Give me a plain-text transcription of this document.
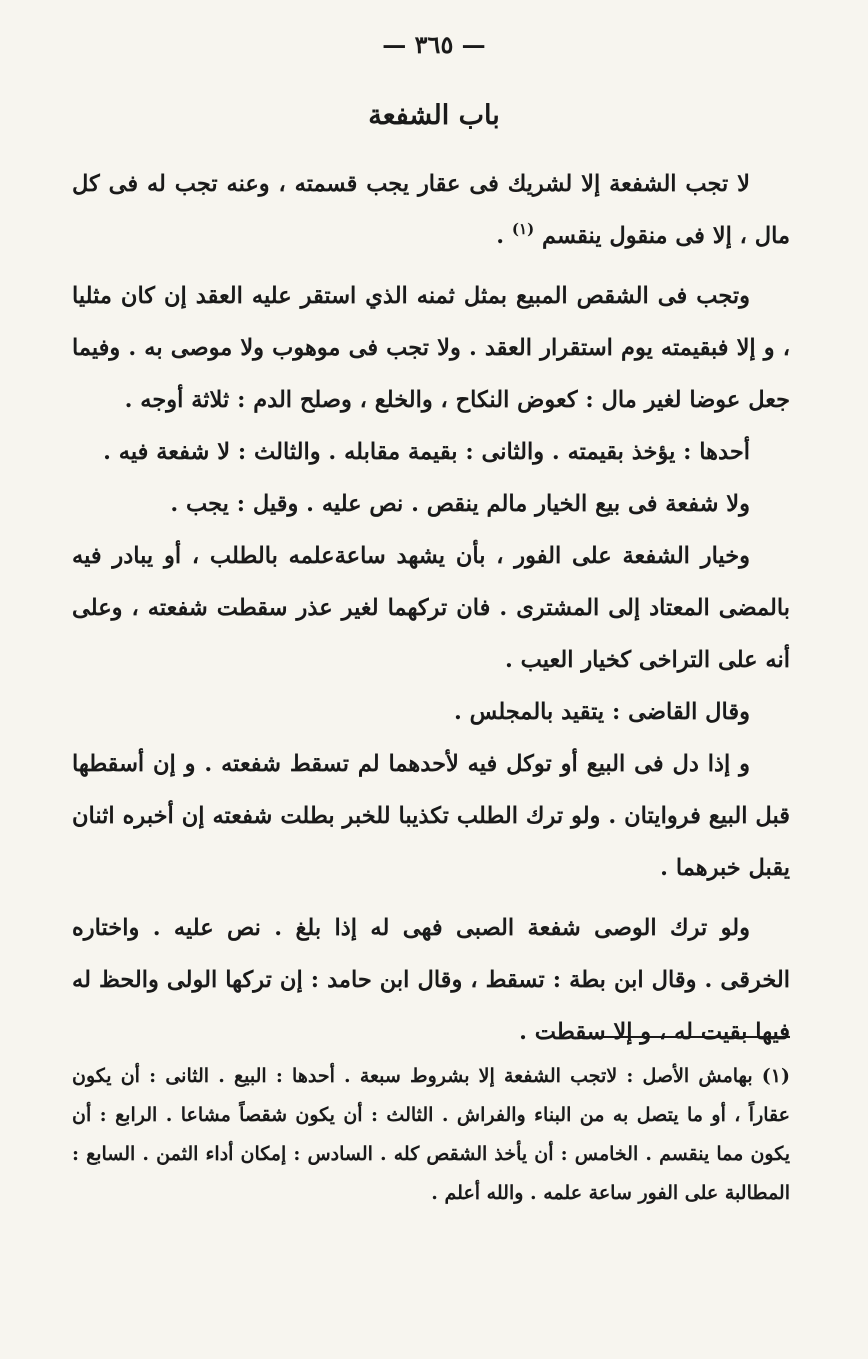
— ٣٦٥ —
باب الشفعة

لا تجب الشفعة إلا لشريك فى عقار يجب قسمته ، وعنه تجب له فى كل مال ، إلا فى منقول ينقسم $^{(١)}$ .

وتجب فى الشقص المبيع بمثل ثمنه الذي استقر عليه العقد إن كان مثليا ، و إلا فبقيمته يوم استقرار العقد . ولا تجب فى موهوب ولا موصى به . وفيما جعل عوضا لغير مال : كعوض النكاح ، والخلع ، وصلح الدم : ثلاثة أوجه .

أحدها : يؤخذ بقيمته . والثانى : بقيمة مقابله . والثالث : لا شفعة فيه .

ولا شفعة فى بيع الخيار مالم ينقص . نص عليه . وقيل : يجب .

وخيار الشفعة على الفور ، بأن يشهد ساعةعلمه بالطلب ، أو يبادر فيه بالمضى المعتاد إلى المشترى . فان تركهما لغير عذر سقطت شفعته ، وعلى أنه على التراخى كخيار العيب .

وقال القاضى : يتقيد بالمجلس .

و إذا دل فى البيع أو توكل فيه لأحدهما لم تسقط شفعته . و إن أسقطها قبل البيع فروايتان . ولو ترك الطلب تكذيبا للخبر بطلت شفعته إن أخبره اثنان يقبل خبرهما .

ولو ترك الوصى شفعة الصبى فهى له إذا بلغ . نص عليه . واختاره الخرقى . وقال ابن بطة : تسقط ، وقال ابن حامد : إن تركها الولى والحظ له فيها بقيت له ، و إلا سقطت .

(١) بهامش الأصل : لاتجب الشفعة إلا بشروط سبعة . أحدها : البيع . الثانى : أن يكون عقاراً ، أو ما يتصل به من البناء والفراش . الثالث : أن يكون شقصاً مشاعا . الرابع : أن يكون مما ينقسم . الخامس : أن يأخذ الشقص كله . السادس : إمكان أداء الثمن . السابع : المطالبة على الفور ساعة علمه . والله أعلم .
